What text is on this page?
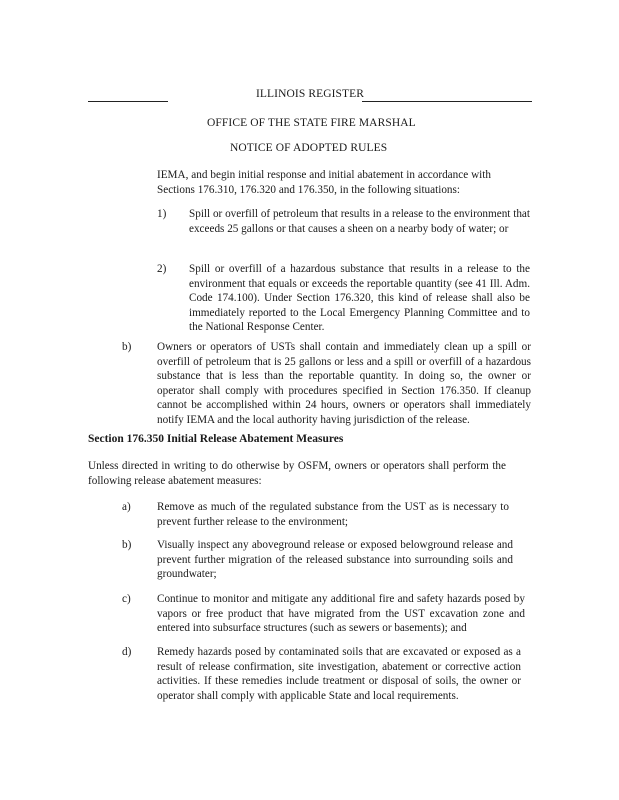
ILLINOIS REGISTER
OFFICE OF THE STATE FIRE MARSHAL
NOTICE OF ADOPTED RULES
IEMA, and begin initial response and initial abatement in accordance with Sections 176.310, 176.320 and 176.350, in the following situations:
1) Spill or overfill of petroleum that results in a release to the environment that exceeds 25 gallons or that causes a sheen on a nearby body of water; or
2) Spill or overfill of a hazardous substance that results in a release to the environment that equals or exceeds the reportable quantity (see 41 Ill. Adm. Code 174.100). Under Section 176.320, this kind of release shall also be immediately reported to the Local Emergency Planning Committee and to the National Response Center.
b) Owners or operators of USTs shall contain and immediately clean up a spill or overfill of petroleum that is 25 gallons or less and a spill or overfill of a hazardous substance that is less than the reportable quantity. In doing so, the owner or operator shall comply with procedures specified in Section 176.350. If cleanup cannot be accomplished within 24 hours, owners or operators shall immediately notify IEMA and the local authority having jurisdiction of the release.
Section 176.350 Initial Release Abatement Measures
Unless directed in writing to do otherwise by OSFM, owners or operators shall perform the following release abatement measures:
a) Remove as much of the regulated substance from the UST as is necessary to prevent further release to the environment;
b) Visually inspect any aboveground release or exposed belowground release and prevent further migration of the released substance into surrounding soils and groundwater;
c) Continue to monitor and mitigate any additional fire and safety hazards posed by vapors or free product that have migrated from the UST excavation zone and entered into subsurface structures (such as sewers or basements); and
d) Remedy hazards posed by contaminated soils that are excavated or exposed as a result of release confirmation, site investigation, abatement or corrective action activities. If these remedies include treatment or disposal of soils, the owner or operator shall comply with applicable State and local requirements.
